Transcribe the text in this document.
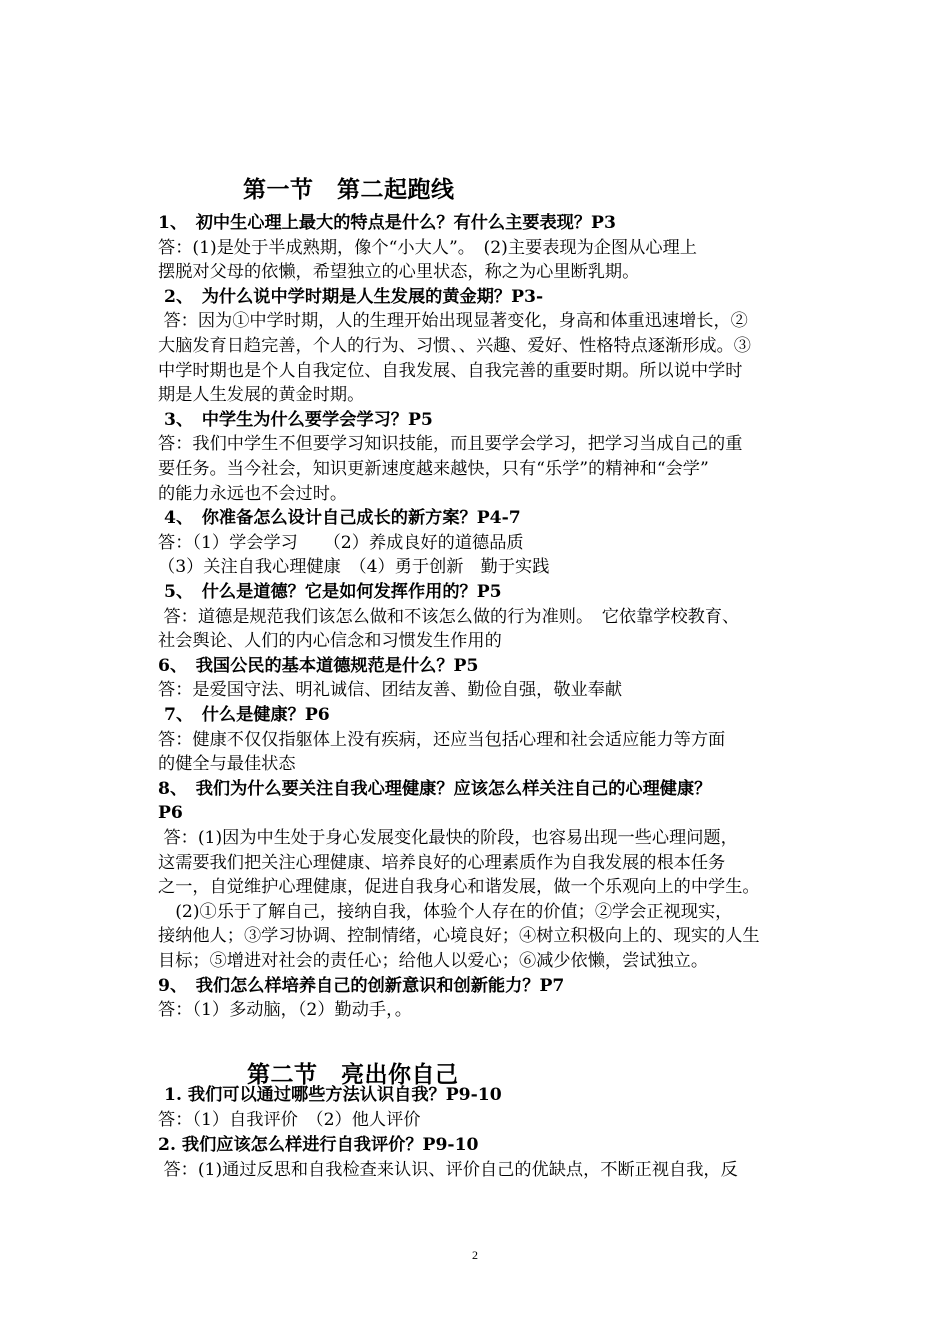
第一节　第二起跑线
第二节　亮出你自己
1、　初中生心理上最大的特点是什么？有什么主要表现？P3
答：(1)是处于半成熟期，像个“小大人”。　(2)主要表现为企图从心理上
摆脱对父母的依懒，希望独立的心里状态，称之为心里断乳期。
2、　为什么说中学时期是人生发展的黄金期？P3-
答：因为①中学时期，人的生理开始出现显著变化，身高和体重迅速增长，②
大脑发育日趋完善，个人的行为、习惯、、兴趣、爱好、性格特点逐渐形成。③
中学时期也是个人自我定位、自我发展、自我完善的重要时期。所以说中学时
期是人生发展的黄金时期。
3、　中学生为什么要学会学习？P5
答：我们中学生不但要学习知识技能，而且要学会学习，把学习当成自己的重
要任务。当今社会，知识更新速度越来越快，只有“乐学”的精神和“会学”
的能力永远也不会过时。
4、　你准备怎么设计自己成长的新方案？P4-7
答：（1）学会学习　　（2）养成良好的道德品质
（3）关注自我心理健康　（4）勇于创新　勤于实践
5、　什么是道德？它是如何发挥作用的？P5
答：道德是规范我们该怎么做和不该怎么做的行为准则。　它依靠学校教育、
社会舆论、人们的内心信念和习惯发生作用的
6、　我国公民的基本道德规范是什么？P5
答：是爱国守法、明礼诚信、团结友善、勤俭自强，敬业奉献
7、　什么是健康？P6
答：健康不仅仅指躯体上没有疾病，还应当包括心理和社会适应能力等方面
的健全与最佳状态
8、　我们为什么要关注自我心理健康？应该怎么样关注自己的心理健康？
P6
答：(1)因为中生处于身心发展变化最快的阶段，也容易出现一些心理问题，
这需要我们把关注心理健康、培养良好的心理素质作为自我发展的根本任务
之一，自觉维护心理健康，促进自我身心和谐发展，做一个乐观向上的中学生。
　(2)①乐于了解自己，接纳自我，体验个人存在的价值；②学会正视现实，
接纳他人；③学习协调、控制情绪，心境良好；④树立积极向上的、现实的人生
目标；⑤增进对社会的责任心；给他人以爱心；⑥减少依懒，尝试独立。
9、　我们怎么样培养自己的创新意识和创新能力？P7
答：（1）多动脑，（2）勤动手，。
1. 我们可以通过哪些方法认识自我？P9-10
答：（1）自我评价　（2）他人评价
2. 我们应该怎么样进行自我评价？P9-10
答：(1)通过反思和自我检查来认识、评价自己的优缺点，不断正视自我，反
2
